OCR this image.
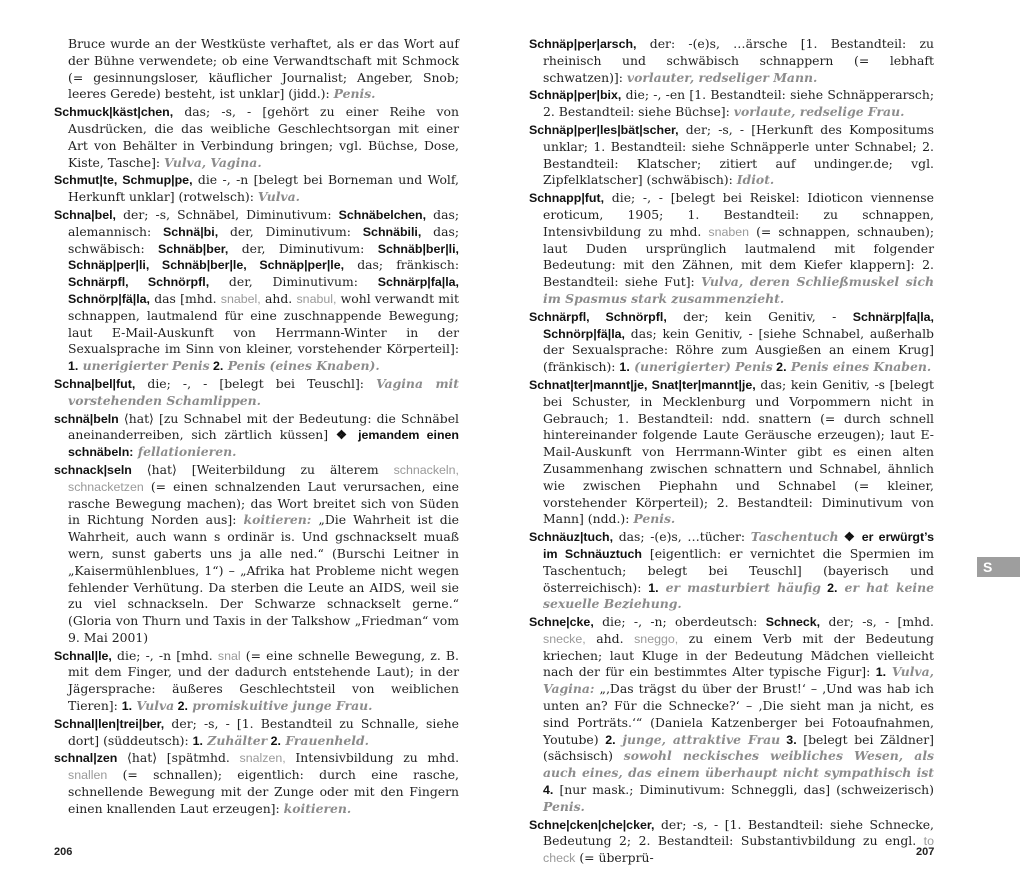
Bruce wurde an der Westküste verhaftet, als er das Wort auf der Bühne verwendete; ob eine Verwandtschaft mit Schmock (= gesinnungsloser, käuflicher Journalist; Angeber, Snob; leeres Gerede) besteht, ist unklar] (jidd.): Penis.

Schmuck|käst|chen, das; -s, - [gehört zu einer Reihe von Ausdrücken, die das weibliche Geschlechtsorgan mit einer Art von Behälter in Verbindung bringen; vgl. Büchse, Dose, Kiste, Tasche]: Vulva, Vagina.

Schmut|te, Schmup|pe, die -, -n [belegt bei Borneman und Wolf, Herkunft unklar] (rotwelsch): Vulva.

Schna|bel, der; -s, Schnäbel, Diminutivum: Schnäbelchen, das; alemannisch: Schnä|bi, der, Diminutivum: Schnäbili, das; schwäbisch: Schnäb|ber, der, Diminutivum: Schnäb|ber|li, Schnäp|per|li, Schnäb|ber|le, Schnäp|per|le, das; fränkisch: Schnärpfl, Schnörpfl, der, Diminutivum: Schnärp|fa|la, Schnörp|fä|la, das [mhd. snabel, ahd. snabul, wohl verwandt mit schnappen, lautmalend für eine zuschnappende Bewegung; laut E-Mail-Auskunft von Herrmann-Winter in der Sexualsprache im Sinn von kleiner, vorstehender Körperteil]: 1. unerigierter Penis 2. Penis (eines Knaben).

Schna|bel|fut, die; -, - [belegt bei Teuschl]: Vagina mit vorstehenden Schamlippen.

schnä|beln ⟨hat⟩ [zu Schnabel mit der Bedeutung: die Schnäbel aneinanderreiben, sich zärtlich küssen] ❖ jemandem einen schnäbeln: fellationieren.

schnack|seln ⟨hat⟩ [Weiterbildung zu älterem schnackeln, schnacketzen (= einen schnalzenden Laut verursachen, eine rasche Bewegung machen); das Wort breitet sich von Süden in Richtung Norden aus]: koitieren: „Die Wahrheit ist die Wahrheit, auch wann s ordinär is. Und gschnackselt muaß wern, sunst gaberts uns ja alle ned.“ (Burschi Leitner in „Kaisermühlenblues, 1“) – „Afrika hat Probleme nicht wegen fehlender Verhütung. Da sterben die Leute an AIDS, weil sie zu viel schnackseln. Der Schwarze schnackselt gerne.“ (Gloria von Thurn und Taxis in der Talkshow „Friedman“ vom 9. Mai 2001)

Schnal|le, die; -, -n [mhd. snal (= eine schnelle Bewegung, z. B. mit dem Finger, und der dadurch entstehende Laut); in der Jägersprache: äußeres Geschlechtsteil von weiblichen Tieren]: 1. Vulva 2. promiskuitive junge Frau.

Schnal|len|trei|ber, der; -s, - [1. Bestandteil zu Schnalle, siehe dort] (süddeutsch): 1. Zuhälter 2. Frauenheld.

schnal|zen ⟨hat⟩ [spätmhd. snalzen, Intensivbildung zu mhd. snallen (= schnallen); eigentlich: durch eine rasche, schnellende Bewegung mit der Zunge oder mit den Fingern einen knallenden Laut erzeugen]: koitieren.

Schnäp|per|arsch, der: -(e)s, …ärsche [1. Bestandteil: zu rheinisch und schwäbisch schnappern (= lebhaft schwatzen)]: vorlauter, redseliger Mann.

Schnäp|per|bix, die; -, -en [1. Bestandteil: siehe Schnäpperarsch; 2. Bestandteil: siehe Büchse]: vorlaute, redselige Frau.

Schnäp|per|les|bät|scher, der; -s, - [Herkunft des Kompositums unklar; 1. Bestandteil: siehe Schnäpperle unter Schnabel; 2. Bestandteil: Klatscher; zitiert auf undinger.de; vgl. Zipfelklatscher] (schwäbisch): Idiot.

Schnapp|fut, die; -, - [belegt bei Reiskel: Idioticon viennense eroticum, 1905; 1. Bestandteil: zu schnappen, Intensivbildung zu mhd. snaben (= schnappen, schnauben); laut Duden ursprünglich lautmalend mit folgender Bedeutung: mit den Zähnen, mit dem Kiefer klappern]: 2. Bestandteil: siehe Fut]: Vulva, deren Schließmuskel sich im Spasmus stark zusammenzieht.

Schnärpfl, Schnörpfl, der; kein Genitiv, - Schnärp|fa|la, Schnörp|fä|la, das; kein Genitiv, - [siehe Schnabel, außerhalb der Sexualsprache: Röhre zum Ausgießen an einem Krug] (fränkisch): 1. (unerigierter) Penis 2. Penis eines Knaben.

Schnat|ter|mannt|je, Snat|ter|mannt|je, das; kein Genitiv, -s [belegt bei Schuster, in Mecklenburg und Vorpommern nicht in Gebrauch; 1. Bestandteil: ndd. snattern (= durch schnell hintereinander folgende Laute Geräusche erzeugen); laut E-Mail-Auskunft von Herrmann-Winter gibt es einen alten Zusammenhang zwischen schnattern und Schnabel, ähnlich wie zwischen Piephahn und Schnabel (= kleiner, vorstehender Körperteil); 2. Bestandteil: Diminutivum von Mann] (ndd.): Penis.

Schnäuz|tuch, das; -(e)s, …tücher: Taschentuch ❖ er erwürgt’s im Schnäuztuch [eigentlich: er vernichtet die Spermien im Taschentuch; belegt bei Teuschl] (bayerisch und österreichisch): 1. er masturbiert häufig 2. er hat keine sexuelle Beziehung.

Schne|cke, die; -, -n; oberdeutsch: Schneck, der; -s, - [mhd. snecke, ahd. sneggo, zu einem Verb mit der Bedeutung kriechen; laut Kluge in der Bedeutung Mädchen vielleicht nach der für ein bestimmtes Alter typische Figur]: 1. Vulva, Vagina: „‚Das trägst du über der Brust!‘ – ‚Und was hab ich unten an? Für die Schnecke?‘ – ‚Die sieht man ja nicht, es sind Porträts.‘“ (Daniela Katzenberger bei Fotoaufnahmen, Youtube) 2. junge, attraktive Frau 3. [belegt bei Zäldner] (sächsisch) sowohl neckisches weibliches Wesen, als auch eines, das einem überhaupt nicht sympathisch ist 4. [nur mask.; Diminutivum: Schneggli, das] (schweizerisch) Penis.

Schne|cken|che|cker, der; -s, - [1. Bestandteil: siehe Schnecke, Bedeutung 2; 2. Bestandteil: Substantivbildung zu engl. to check (= überprü-

206	207
S
